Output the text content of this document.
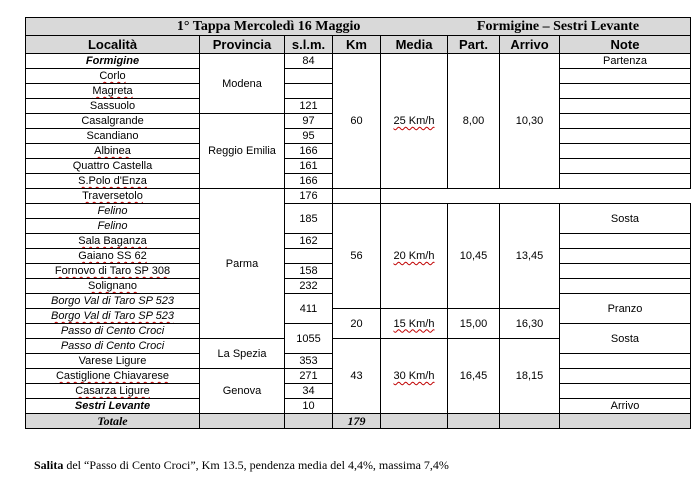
1° Tappa Mercoledì 16 Maggio Formigine – Sestri Levante							
Località	Provincia	s.l.m.	Km	Media	Part.	Arrivo	Note
Formigine	Modena	84	60	25 Km/h	8,00	10,30	Partenza
Corlo							
Magreta							
Sassuolo		121					
Casalgrande	Reggio Emilia	97					
Scandiano		95					
Albinea		166					
Quattro Castella		161					
S.Polo d'Enza		166					
Traversetolo	Parma	176					
Felino		185	56	20 Km/h	10,45	13,45	Sosta
Felino							
Sala Baganza		162					
Gaiano SS 62							
Fornovo di Taro SP 308		158					
Solignano		232					
Borgo Val di Taro SP 523		411					Pranzo
Borgo Val di Taro SP 523			20	15 Km/h	15,00	16,30	
Passo di Cento Croci		1055					Sosta
Passo di Cento Croci	La Spezia		43	30 Km/h	16,45	18,15	
Varese Ligure		353					
Castiglione Chiavarese	Genova	271					
Casarza Ligure		34					
Sestri Levante		10					Arrivo
Totale			179				
Salita del “Passo di Cento Croci”, Km 13.5, pendenza media del 4,4%, massima 7,4%
